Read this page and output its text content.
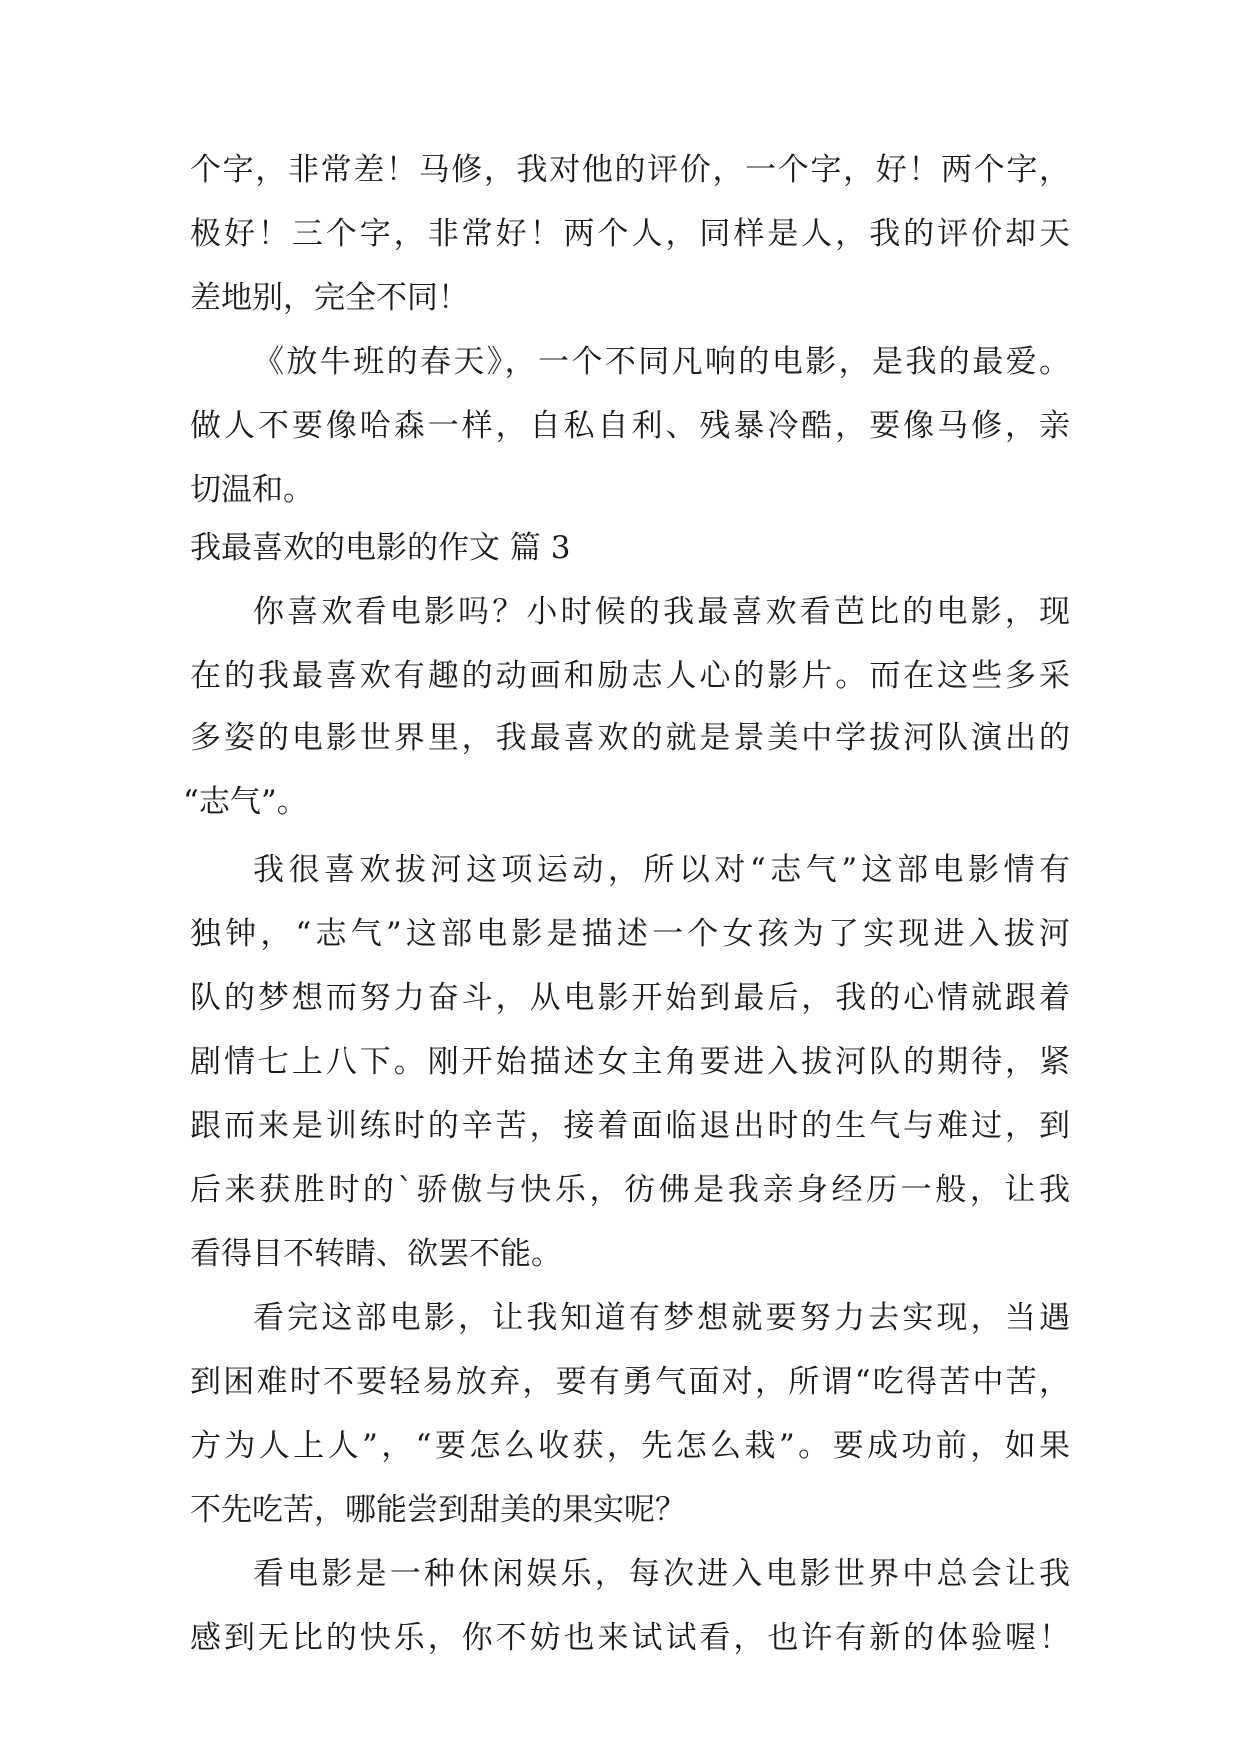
个字，非常差！马修，我对他的评价，一个字，好！两个字，
极好！三个字，非常好！两个人，同样是人，我的评价却天
差地别，完全不同！
《放牛班的春天》，一个不同凡响的电影，是我的最爱。
做人不要像哈森一样，自私自利、残暴冷酷，要像马修，亲
切温和。
我最喜欢的电影的作文 篇 3
你喜欢看电影吗？小时候的我最喜欢看芭比的电影，现
在的我最喜欢有趣的动画和励志人心的影片。而在这些多采
多姿的电影世界里，我最喜欢的就是景美中学拔河队演出的
“志气”。
我很喜欢拔河这项运动，所以对“志气”这部电影情有
独钟，“志气”这部电影是描述一个女孩为了实现进入拔河
队的梦想而努力奋斗，从电影开始到最后，我的心情就跟着
剧情七上八下。刚开始描述女主角要进入拔河队的期待，紧
跟而来是训练时的辛苦，接着面临退出时的生气与难过，到
后来获胜时的`骄傲与快乐，彷佛是我亲身经历一般，让我
看得目不转睛、欲罢不能。
看完这部电影，让我知道有梦想就要努力去实现，当遇
到困难时不要轻易放弃，要有勇气面对，所谓“吃得苦中苦，
方为人上人”，“要怎么收获，先怎么栽”。要成功前，如果
不先吃苦，哪能尝到甜美的果实呢？
看电影是一种休闲娱乐，每次进入电影世界中总会让我
感到无比的快乐，你不妨也来试试看，也许有新的体验喔！
